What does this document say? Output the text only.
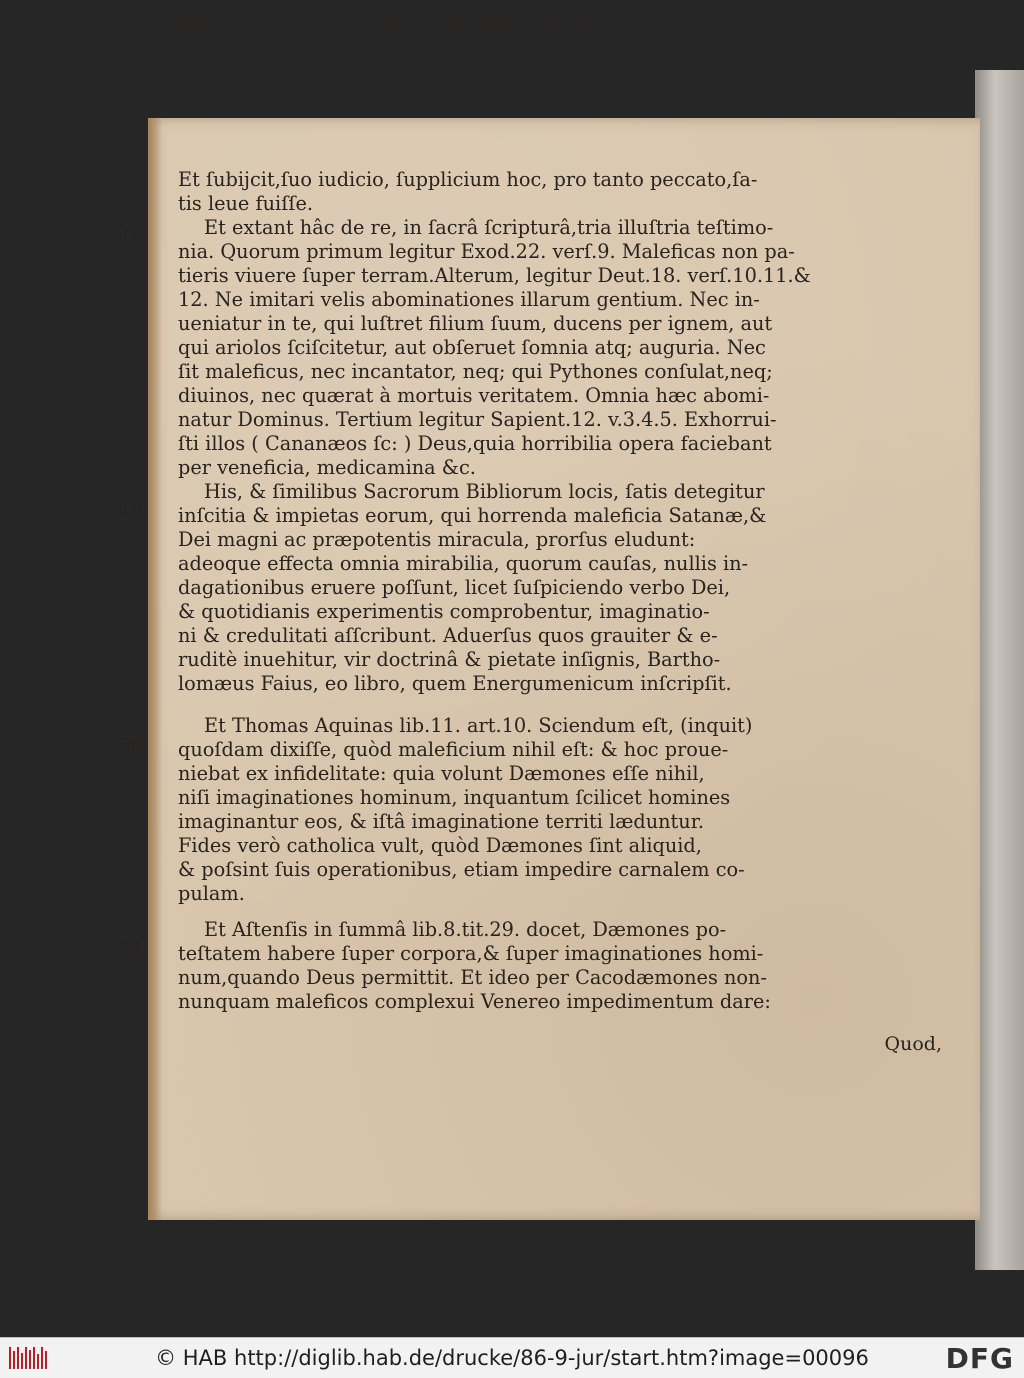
68	QVÆSTIONES IVRIS
Et ſubijcit,ſuo iudicio, ſupplicium hoc, pro tanto peccato,ſa-
tis leue fuiſſe.
Et extant hâc de re, in ſacrâ ſcripturâ,tria illuſtria teſtimo-
nia. Quorum primum legitur Exod.22. verſ.9. Maleficas non pa-
tieris viuere ſuper terram.Alterum, legitur Deut.18. verſ.10.11.&
12. Ne imitari velis abominationes illarum gentium. Nec in-
ueniatur in te, qui luſtret filium ſuum, ducens per ignem, aut
qui ariolos ſciſcitetur, aut obſeruet ſomnia atq; auguria. Nec
ſit maleficus, nec incantator, neq; qui Pythones conſulat,neq;
diuinos, nec quærat à mortuis veritatem. Omnia hæc abomi-
natur Dominus. Tertium legitur Sapient.12. v.3.4.5. Exhorrui-
ſti illos ( Cananæos ſc: ) Deus,quia horribilia opera faciebant
per veneficia, medicamina &c.
His, & ſimilibus Sacrorum Bibliorum locis, ſatis detegitur
inſcitia & impietas eorum, qui horrenda maleficia Satanæ,&
Dei magni ac præpotentis miracula, prorſus eludunt:
adeoque effecta omnia mirabilia, quorum cauſas, nullis in-
dagationibus eruere poſſunt, licet ſuſpiciendo verbo Dei,
& quotidianis experimentis comprobentur, imaginatio-
ni & credulitati aſſcribunt. Aduerſus quos grauiter & e-
ruditè inuehitur, vir doctrinâ & pietate inſignis, Bartho-
lomæus Faius, eo libro, quem Energumenicum inſcripſit.
Et Thomas Aquinas lib.11. art.10. Sciendum eſt, (inquit)
quoſdam dixiſſe, quòd maleficium nihil eſt: & hoc proue-
niebat ex infidelitate: quia volunt Dæmones eſſe nihil,
niſi imaginationes hominum, inquantum ſcilicet homines
imaginantur eos, & iſtâ imaginatione territi læduntur.
Fides verò catholica vult, quòd Dæmones ſint aliquid,
& poſsint ſuis operationibus, etiam impedire carnalem co-
pulam.
Et Aſtenſis in ſummâ lib.8.tit.29. docet, Dæmones po-
teſtatem habere ſuper corpora,& ſuper imaginationes homi-
num,quando Deus permittit. Et ideo per Cacodæmones non-
nunquam maleficos complexui Venereo impedimentum dare:
18
19
20
21
Quod,
© HAB http://diglib.hab.de/drucke/86-9-jur/start.htm?image=00096	DFG
